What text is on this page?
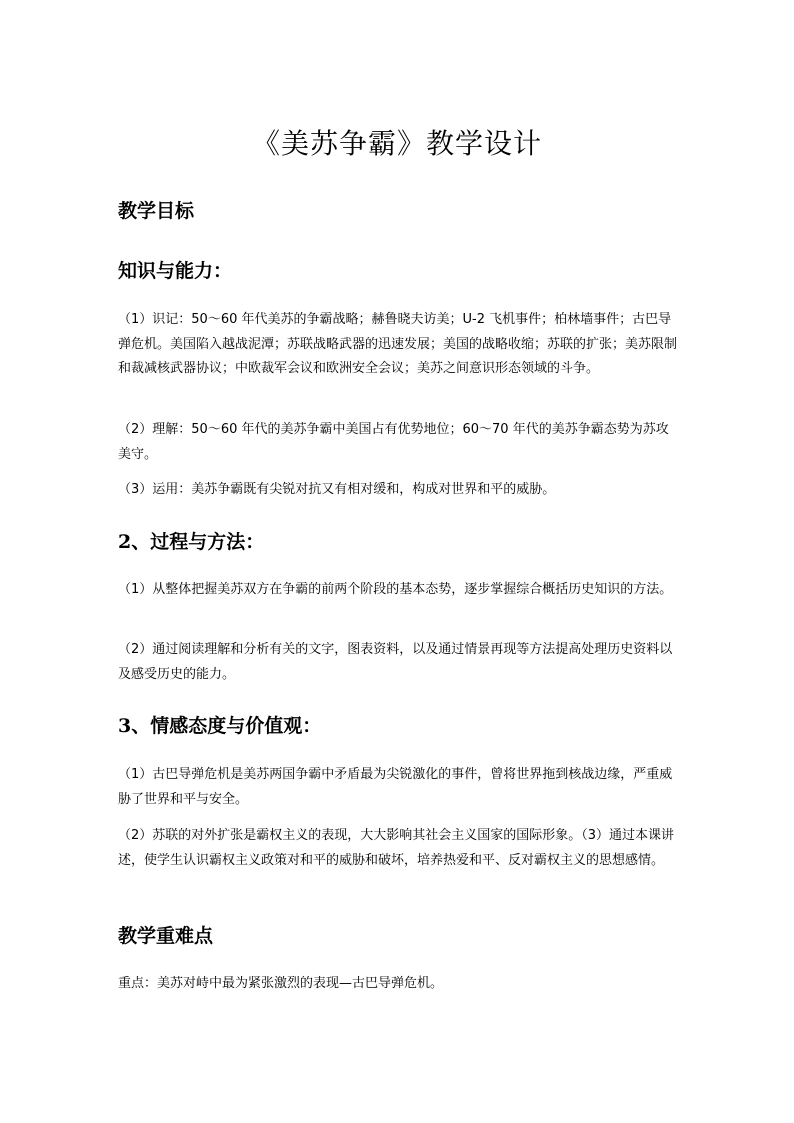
《美苏争霸》教学设计
教学目标
知识与能力：

（1）识记：50～60 年代美苏的争霸战略；赫鲁晓夫访美；U-2 飞机事件；柏林墙事件；古巴导弹危机。美国陷入越战泥潭；苏联战略武器的迅速发展；美国的战略收缩；苏联的扩张；美苏限制和裁减核武器协议；中欧裁军会议和欧洲安全会议；美苏之间意识形态领域的斗争。

（2）理解：50～60 年代的美苏争霸中美国占有优势地位；60～70 年代的美苏争霸态势为苏攻美守。

（3）运用：美苏争霸既有尖锐对抗又有相对缓和，构成对世界和平的威胁。

2、过程与方法：

（1）从整体把握美苏双方在争霸的前两个阶段的基本态势，逐步掌握综合概括历史知识的方法。

（2）通过阅读理解和分析有关的文字，图表资料，以及通过情景再现等方法提高处理历史资料以及感受历史的能力。

3、情感态度与价值观：

（1）古巴导弹危机是美苏两国争霸中矛盾最为尖锐激化的事件，曾将世界拖到核战边缘，严重威胁了世界和平与安全。

（2）苏联的对外扩张是霸权主义的表现，大大影响其社会主义国家的国际形象。（3）通过本课讲述，使学生认识霸权主义政策对和平的威胁和破坏，培养热爱和平、反对霸权主义的思想感情。

教学重难点

重点：美苏对峙中最为紧张激烈的表现—古巴导弹危机。
